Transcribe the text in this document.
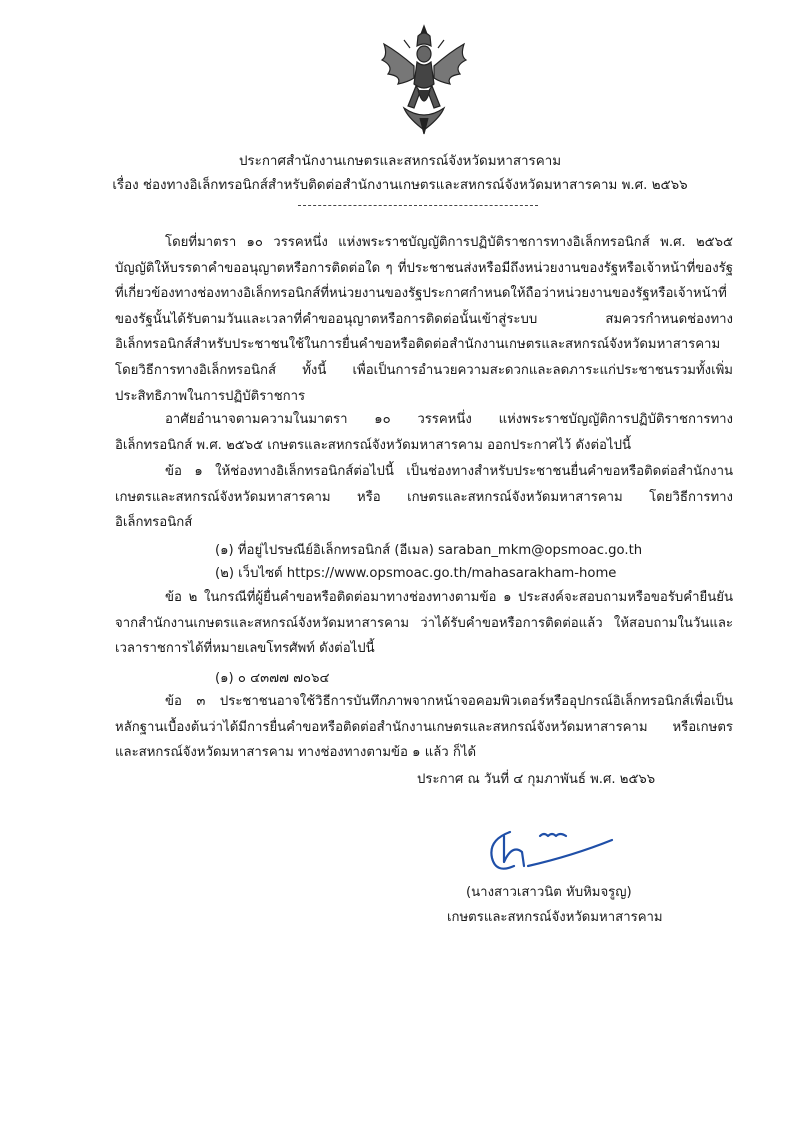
ประกาศสำนักงานเกษตรและสหกรณ์จังหวัดมหาสารคาม
เรื่อง ช่องทางอิเล็กทรอนิกส์สำหรับติดต่อสำนักงานเกษตรและสหกรณ์จังหวัดมหาสารคาม พ.ศ. ๒๕๖๖

โดยที่มาตรา ๑๐ วรรคหนึ่ง แห่งพระราชบัญญัติการปฏิบัติราชการทางอิเล็กทรอนิกส์ พ.ศ. ๒๕๖๕ บัญญัติให้บรรดาคำขออนุญาตหรือการติดต่อใด ๆ ที่ประชาชนส่งหรือมีถึงหน่วยงานของรัฐหรือเจ้าหน้าที่ของรัฐที่เกี่ยวข้องทางช่องทางอิเล็กทรอนิกส์ที่หน่วยงานของรัฐประกาศกำหนดให้ถือว่าหน่วยงานของรัฐหรือเจ้าหน้าที่ของรัฐนั้นได้รับตามวันและเวลาที่คำขออนุญาตหรือการติดต่อนั้นเข้าสู่ระบบ สมควรกำหนดช่องทางอิเล็กทรอนิกส์สำหรับประชาชนใช้ในการยื่นคำขอหรือติดต่อสำนักงานเกษตรและสหกรณ์จังหวัดมหาสารคาม โดยวิธีการทางอิเล็กทรอนิกส์ ทั้งนี้ เพื่อเป็นการอำนวยความสะดวกและลดภาระแก่ประชาชนรวมทั้งเพิ่มประสิทธิภาพในการปฏิบัติราชการ

อาศัยอำนาจตามความในมาตรา ๑๐ วรรคหนึ่ง แห่งพระราชบัญญัติการปฏิบัติราชการทางอิเล็กทรอนิกส์ พ.ศ. ๒๕๖๕ เกษตรและสหกรณ์จังหวัดมหาสารคาม ออกประกาศไว้ ดังต่อไปนี้

ข้อ ๑ ให้ช่องทางอิเล็กทรอนิกส์ต่อไปนี้ เป็นช่องทางสำหรับประชาชนยื่นคำขอหรือติดต่อสำนักงานเกษตรและสหกรณ์จังหวัดมหาสารคาม หรือ เกษตรและสหกรณ์จังหวัดมหาสารคาม โดยวิธีการทางอิเล็กทรอนิกส์

(๑) ที่อยู่ไปรษณีย์อิเล็กทรอนิกส์ (อีเมล) saraban_mkm@opsmoac.go.th
(๒) เว็บไซต์ https://www.opsmoac.go.th/mahasarakham-home

ข้อ ๒ ในกรณีที่ผู้ยื่นคำขอหรือติดต่อมาทางช่องทางตามข้อ ๑ ประสงค์จะสอบถามหรือขอรับคำยืนยันจากสำนักงานเกษตรและสหกรณ์จังหวัดมหาสารคาม ว่าได้รับคำขอหรือการติดต่อแล้ว ให้สอบถามในวันและเวลาราชการได้ที่หมายเลขโทรศัพท์ ดังต่อไปนี้

(๑) ๐ ๔๓๗๗ ๗๐๖๔

ข้อ ๓ ประชาชนอาจใช้วิธีการบันทึกภาพจากหน้าจอคอมพิวเตอร์หรืออุปกรณ์อิเล็กทรอนิกส์เพื่อเป็นหลักฐานเบื้องต้นว่าได้มีการยื่นคำขอหรือติดต่อสำนักงานเกษตรและสหกรณ์จังหวัดมหาสารคาม หรือเกษตรและสหกรณ์จังหวัดมหาสารคาม ทางช่องทางตามข้อ ๑ แล้ว ก็ได้

ประกาศ ณ วันที่ ๔ กุมภาพันธ์ พ.ศ. ๒๕๖๖
(นางสาวเสาวนิต หับหิมจรูญ)
เกษตรและสหกรณ์จังหวัดมหาสารคาม
